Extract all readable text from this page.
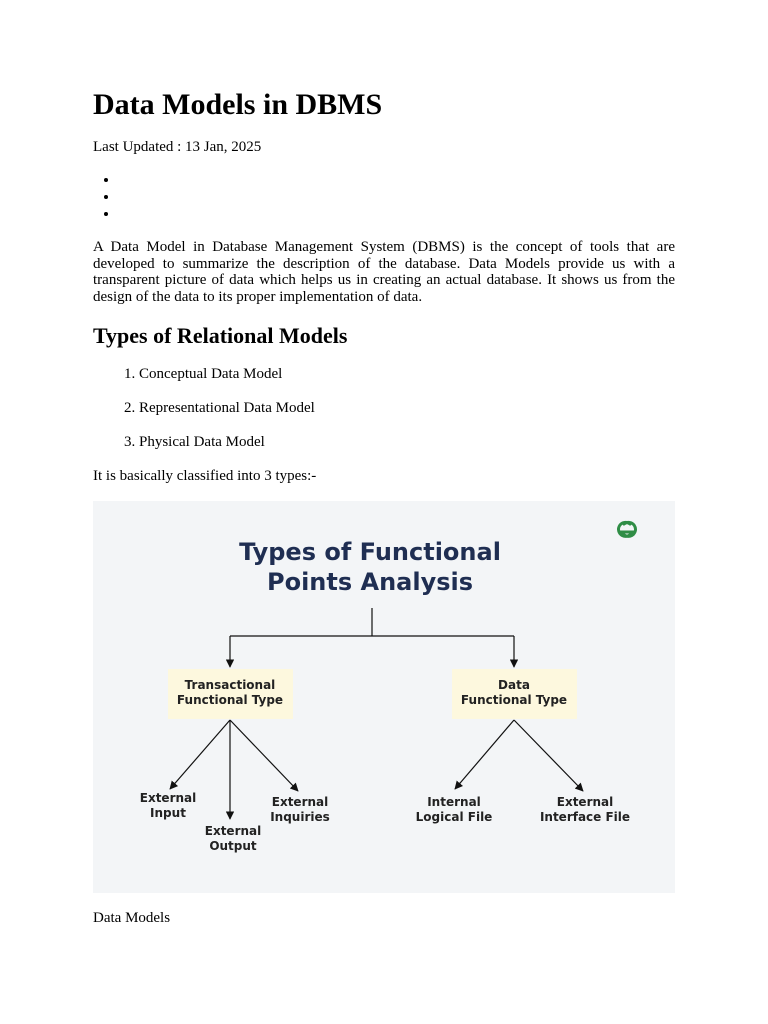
Data Models in DBMS

Last Updated : 13 Jan, 2025

A Data Model in Database Management System (DBMS) is the concept of tools that are developed to summarize the description of the database. Data Models provide us with a transparent picture of data which helps us in creating an actual database. It shows us from the design of the data to its proper implementation of data.

Types of Relational Models
1. Conceptual Data Model
2. Representational Data Model
3. Physical Data Model

It is basically classified into 3 types:-

Types of Functional
Points Analysis
Transactional
Functional Type
Data
Functional Type
External
Input
External
Output
External
Inquiries
Internal
Logical File
External
Interface File

Data Models
